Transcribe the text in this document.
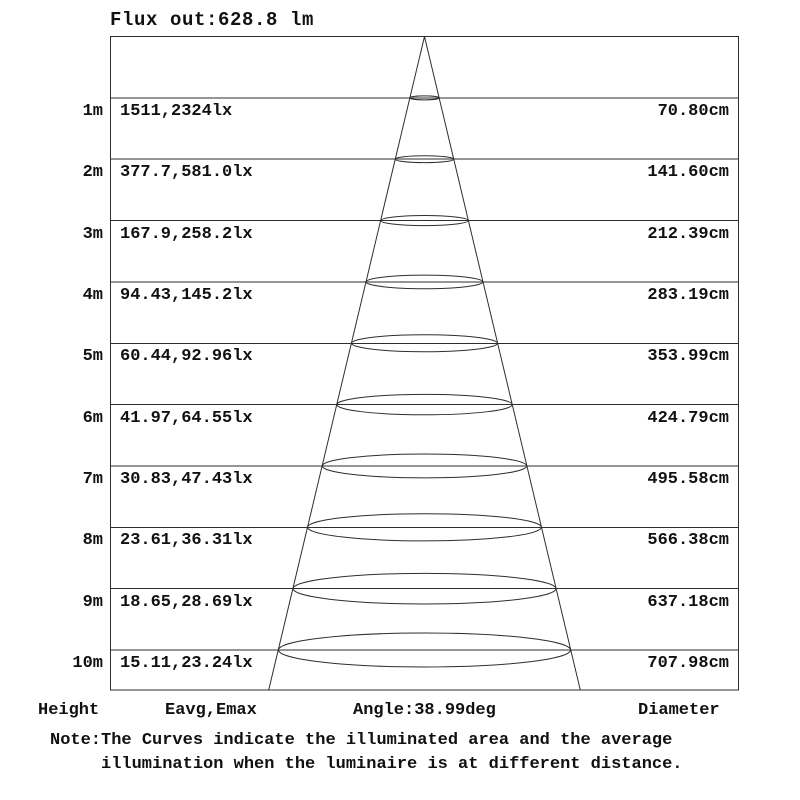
Flux out:628.8 lm
1m 1511,2324lx	70.80cm
2m 377.7,581.0lx	141.60cm
3m 167.9,258.2lx	212.39cm
4m 94.43,145.2lx	283.19cm
5m 60.44,92.96lx	353.99cm
6m 41.97,64.55lx	424.79cm
7m 30.83,47.43lx	495.58cm
8m 23.61,36.31lx	566.38cm
9m 18.65,28.69lx	637.18cm
10m 15.11,23.24lx	707.98cm
Height	Eavg,Emax	Angle:38.99deg	Diameter
Note:The Curves indicate the illuminated area and the average
illumination when the luminaire is at different distance.
